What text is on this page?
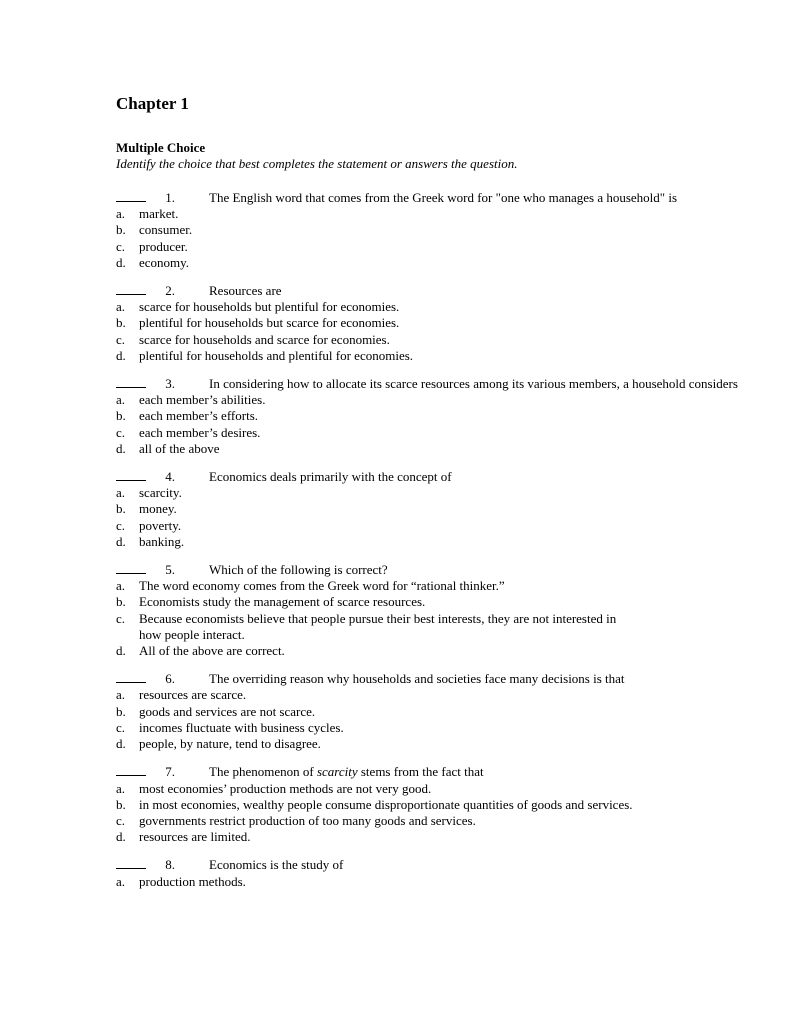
Chapter 1
Multiple Choice
Identify the choice that best completes the statement or answers the question.
1.	The English word that comes from the Greek word for "one who manages a household" is
a.	market.
b.	consumer.
c.	producer.
d.	economy.
2.	Resources are
a.	scarce for households but plentiful for economies.
b.	plentiful for households but scarce for economies.
c.	scarce for households and scarce for economies.
d.	plentiful for households and plentiful for economies.
3.	In considering how to allocate its scarce resources among its various members, a household considers
a.	each member’s abilities.
b.	each member’s efforts.
c.	each member’s desires.
d.	all of the above
4.	Economics deals primarily with the concept of
a.	scarcity.
b.	money.
c.	poverty.
d.	banking.
5.	Which of the following is correct?
a.	The word economy comes from the Greek word for “rational thinker.”
b.	Economists study the management of scarce resources.
c.	Because economists believe that people pursue their best interests, they are not interested in how people interact.
d.	All of the above are correct.
6.	The overriding reason why households and societies face many decisions is that
a.	resources are scarce.
b.	goods and services are not scarce.
c.	incomes fluctuate with business cycles.
d.	people, by nature, tend to disagree.
7.	The phenomenon of scarcity stems from the fact that
a.	most economies’ production methods are not very good.
b.	in most economies, wealthy people consume disproportionate quantities of goods and services.
c.	governments restrict production of too many goods and services.
d.	resources are limited.
8.	Economics is the study of
a.	production methods.
